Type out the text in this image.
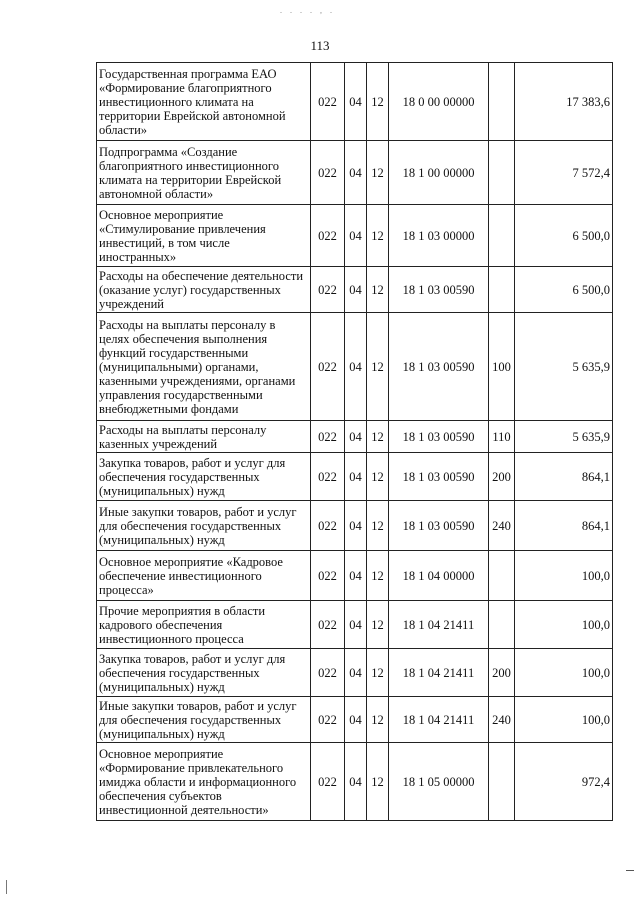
. . . . , .
113
Государственная программа ЕАО «Формирование благоприятного инвестиционного климата на территории Еврейской автономной области»	022	04	12	18 0 00 00000		17 383,6
Подпрограмма «Создание благоприятного инвестиционного климата на территории Еврейской автономной области»	022	04	12	18 1 00 00000		7 572,4
Основное мероприятие «Стимулирование привлечения инвестиций, в том числе иностранных»	022	04	12	18 1 03 00000		6 500,0
Расходы на обеспечение деятельности (оказание услуг) государственных учреждений	022	04	12	18 1 03 00590		6 500,0
Расходы на выплаты персоналу в целях обеспечения выполнения функций государственными (муниципальными) органами, казенными учреждениями, органами управления государственными внебюджетными фондами	022	04	12	18 1 03 00590	100	5 635,9
Расходы на выплаты персоналу казенных учреждений	022	04	12	18 1 03 00590	110	5 635,9
Закупка товаров, работ и услуг для обеспечения государственных (муниципальных) нужд	022	04	12	18 1 03 00590	200	864,1
Иные закупки товаров, работ и услуг для обеспечения государственных (муниципальных) нужд	022	04	12	18 1 03 00590	240	864,1
Основное мероприятие «Кадровое обеспечение инвестиционного процесса»	022	04	12	18 1 04 00000		100,0
Прочие мероприятия в области кадрового обеспечения инвестиционного процесса	022	04	12	18 1 04 21411		100,0
Закупка товаров, работ и услуг для обеспечения государственных (муниципальных) нужд	022	04	12	18 1 04 21411	200	100,0
Иные закупки товаров, работ и услуг для обеспечения государственных (муниципальных) нужд	022	04	12	18 1 04 21411	240	100,0
Основное мероприятие «Формирование привлекательного имиджа области и информационного обеспечения субъектов инвестиционной деятельности»	022	04	12	18 1 05 00000		972,4
